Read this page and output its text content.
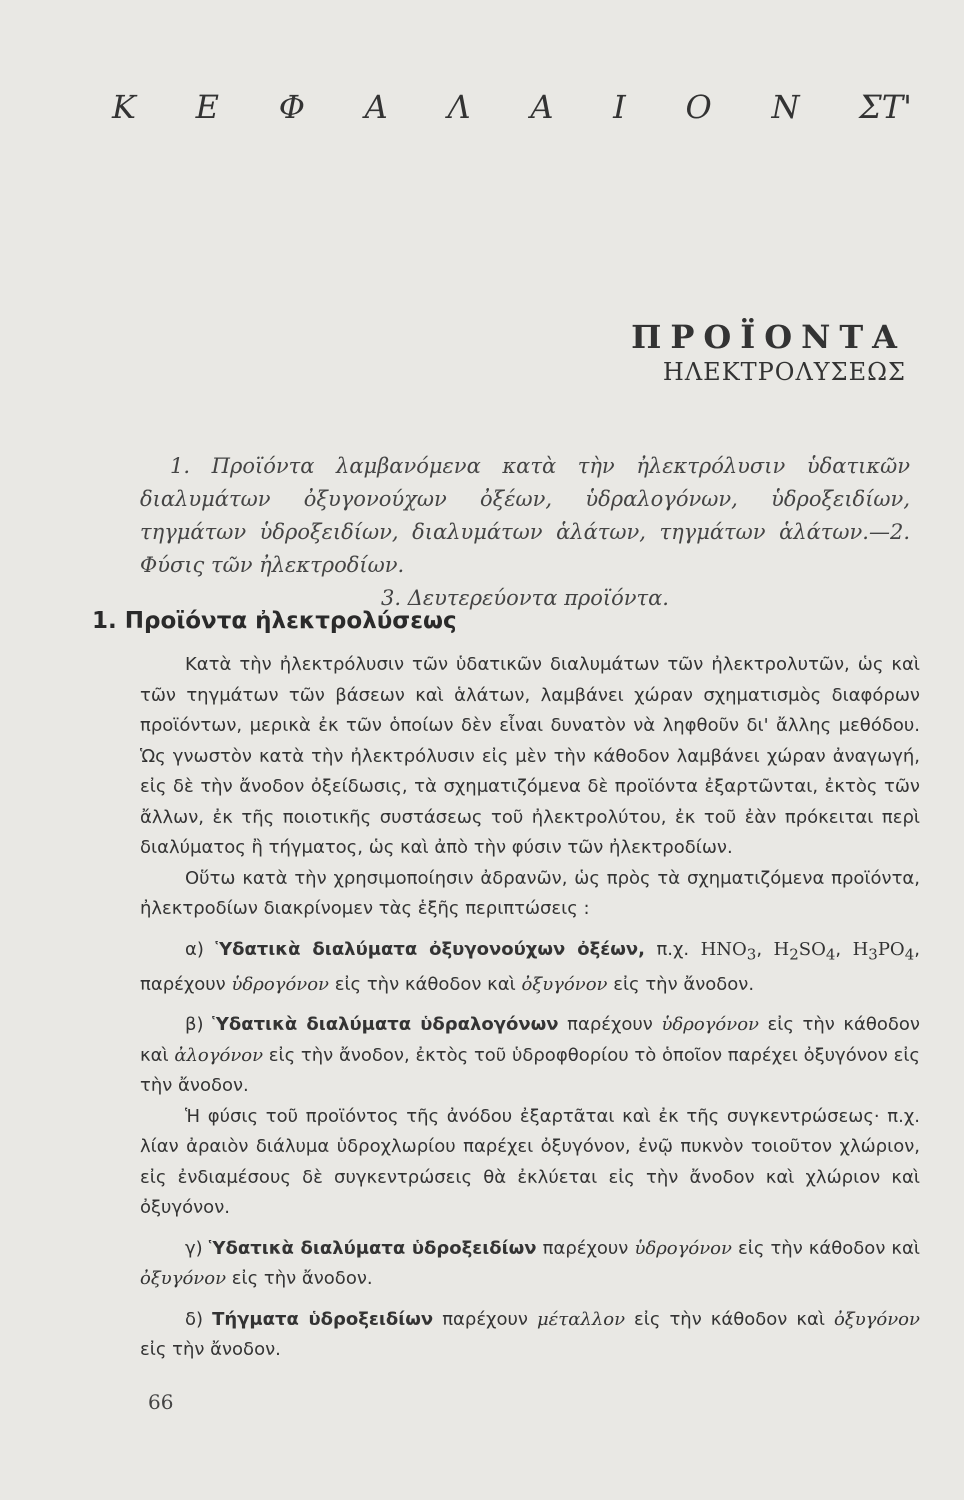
Κ Ε Φ Α Λ Α Ι Ο Ν ΣΤ'
ΠΡΟΪΟΝΤΑ
ΗΛΕΚΤΡΟΛΥΣΕΩΣ

1. Προϊόντα λαμβανόμενα κατὰ τὴν ἠλεκτρόλυσιν ὑδατικῶν διαλυμάτων ὀξυγονούχων ὀξέων, ὑδραλογόνων, ὑδροξειδίων, τηγμάτων ὑδροξειδίων, διαλυμάτων ἁλάτων, τηγμάτων ἁλάτων.—2. Φύσις τῶν ἠλεκτροδίων.

3. Δευτερεύοντα προϊόντα.

1. Προϊόντα ἠλεκτρολύσεως

Κατὰ τὴν ἠλεκτρόλυσιν τῶν ὑδατικῶν διαλυμάτων τῶν ἠλεκτρολυτῶν, ὡς καὶ τῶν τηγμάτων τῶν βάσεων καὶ ἁλάτων, λαμβάνει χώραν σχηματισμὸς διαφόρων προϊόντων, μερικὰ ἐκ τῶν ὁποίων δὲν εἶναι δυνατὸν νὰ ληφθοῦν δι' ἄλλης μεθόδου. Ὡς γνωστὸν κατὰ τὴν ἠλεκτρόλυσιν εἰς μὲν τὴν κάθοδον λαμβάνει χώραν ἀναγωγή, εἰς δὲ τὴν ἄνοδον ὀξείδωσις, τὰ σχηματιζόμενα δὲ προϊόντα ἐξαρτῶνται, ἐκτὸς τῶν ἄλλων, ἐκ τῆς ποιοτικῆς συστάσεως τοῦ ἠλεκτρολύτου, ἐκ τοῦ ἐὰν πρόκειται περὶ διαλύματος ἢ τήγματος, ὡς καὶ ἀπὸ τὴν φύσιν τῶν ἠλεκτροδίων.

Οὕτω κατὰ τὴν χρησιμοποίησιν ἀδρανῶν, ὡς πρὸς τὰ σχηματιζόμενα προϊόντα, ἠλεκτροδίων διακρίνομεν τὰς ἑξῆς περιπτώσεις :

α) Ὑδατικὰ διαλύματα ὀξυγονούχων ὀξέων, π.χ. $HNO_3$, $H_2SO_4$, $H_3PO_4$, παρέχουν ὑδρογόνον εἰς τὴν κάθοδον καὶ ὀξυγόνον εἰς τὴν ἄνοδον.

β) Ὑδατικὰ διαλύματα ὑδραλογόνων παρέχουν ὑδρογόνον εἰς τὴν κάθοδον καὶ ἀλογόνον εἰς τὴν ἄνοδον, ἐκτὸς τοῦ ὑδροφθορίου τὸ ὁποῖον παρέχει ὀξυγόνον εἰς τὴν ἄνοδον.

Ἡ φύσις τοῦ προϊόντος τῆς ἀνόδου ἐξαρτᾶται καὶ ἐκ τῆς συγκεντρώσεως· π.χ. λίαν ἀραιὸν διάλυμα ὑδροχλωρίου παρέχει ὀξυγόνον, ἐνῷ πυκνὸν τοιοῦτον χλώριον, εἰς ἐνδιαμέσους δὲ συγκεντρώσεις θὰ ἐκλύεται εἰς τὴν ἄνοδον καὶ χλώριον καὶ ὀξυγόνον.

γ) Ὑδατικὰ διαλύματα ὑδροξειδίων παρέχουν ὑδρογόνον εἰς τὴν κάθοδον καὶ ὀξυγόνον εἰς τὴν ἄνοδον.

δ) Τήγματα ὑδροξειδίων παρέχουν μέταλλον εἰς τὴν κάθοδον καὶ ὀξυγόνον εἰς τὴν ἄνοδον.

66
